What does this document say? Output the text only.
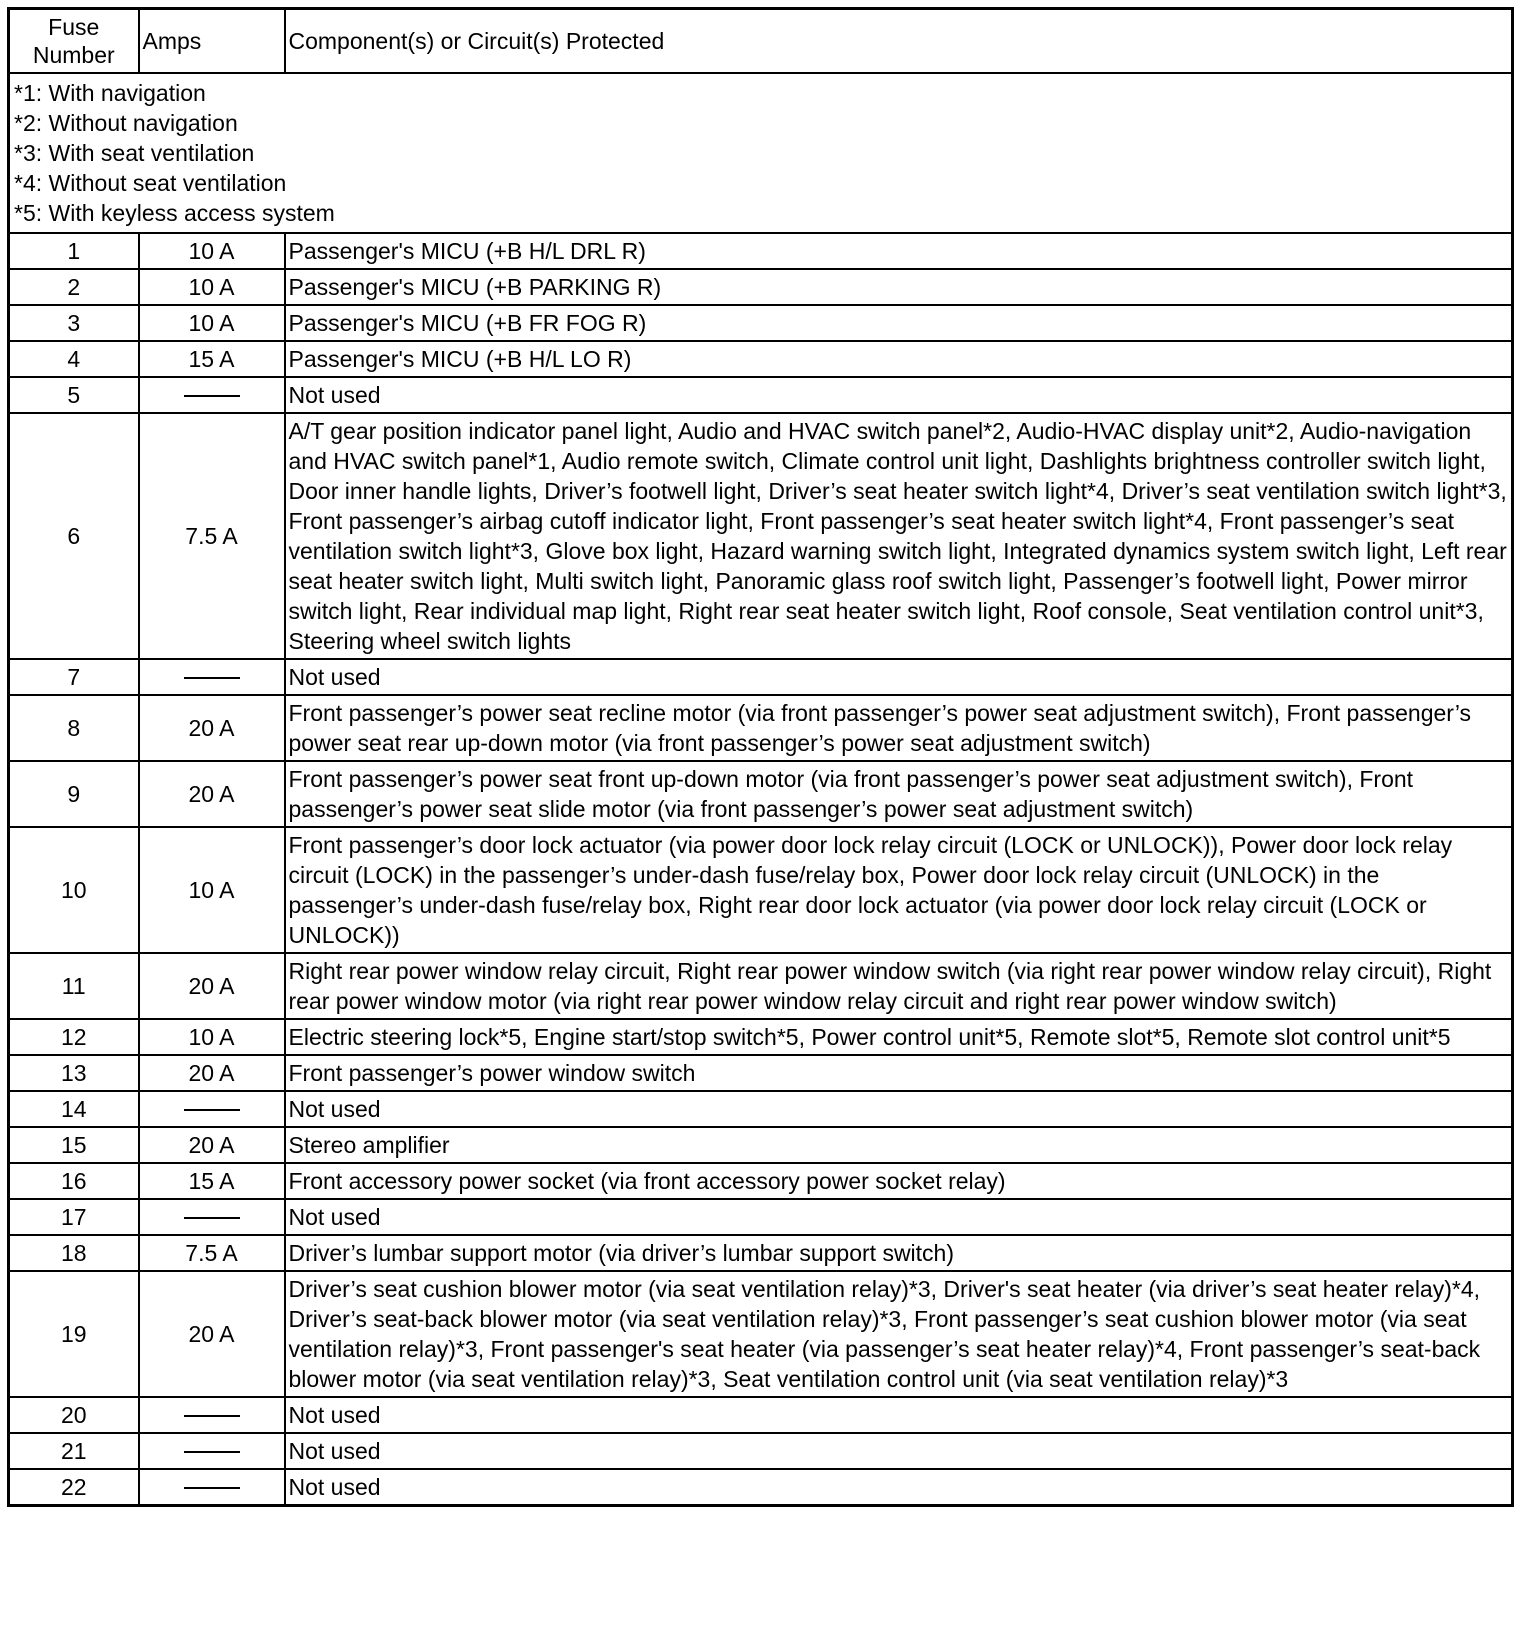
Fuse Number	Amps	Component(s) or Circuit(s) Protected

*1: With navigation
*2: Without navigation
*3: With seat ventilation
*4: Without seat ventilation
*5: With keyless access system		

1	10 A	Passenger's MICU (+B H/L DRL R)
2	10 A	Passenger's MICU (+B PARKING R)
3	10 A	Passenger's MICU (+B FR FOG R)
4	15 A	Passenger's MICU (+B H/L LO R)
5		Not used
6	7.5 A	A/T gear position indicator panel light, Audio and HVAC switch panel*2, Audio-HVAC display unit*2, Audio-navigation and HVAC switch panel*1, Audio remote switch, Climate control unit light, Dashlights brightness controller switch light, Door inner handle lights, Driver’s footwell light, Driver’s seat heater switch light*4, Driver’s seat ventilation switch light*3, Front passenger’s airbag cutoff indicator light, Front passenger’s seat heater switch light*4, Front passenger’s seat ventilation switch light*3, Glove box light, Hazard warning switch light, Integrated dynamics system switch light, Left rear seat heater switch light, Multi switch light, Panoramic glass roof switch light, Passenger’s footwell light, Power mirror switch light, Rear individual map light, Right rear seat heater switch light, Roof console, Seat ventilation control unit*3, Steering wheel switch lights
7		Not used
8	20 A	Front passenger’s power seat recline motor (via front passenger’s power seat adjustment switch), Front passenger’s power seat rear up-down motor (via front passenger’s power seat adjustment switch)
9	20 A	Front passenger’s power seat front up-down motor (via front passenger’s power seat adjustment switch), Front passenger’s power seat slide motor (via front passenger’s power seat adjustment switch)
10	10 A	Front passenger’s door lock actuator (via power door lock relay circuit (LOCK or UNLOCK)), Power door lock relay circuit (LOCK) in the passenger’s under-dash fuse/relay box, Power door lock relay circuit (UNLOCK) in the passenger’s under-dash fuse/relay box, Right rear door lock actuator (via power door lock relay circuit (LOCK or UNLOCK))
11	20 A	Right rear power window relay circuit, Right rear power window switch (via right rear power window relay circuit), Right rear power window motor (via right rear power window relay circuit and right rear power window switch)
12	10 A	Electric steering lock*5, Engine start/stop switch*5, Power control unit*5, Remote slot*5, Remote slot control unit*5
13	20 A	Front passenger’s power window switch
14		Not used
15	20 A	Stereo amplifier
16	15 A	Front accessory power socket (via front accessory power socket relay)
17		Not used
18	7.5 A	Driver’s lumbar support motor (via driver’s lumbar support switch)
19	20 A	Driver’s seat cushion blower motor (via seat ventilation relay)*3, Driver's seat heater (via driver’s seat heater relay)*4, Driver’s seat-back blower motor (via seat ventilation relay)*3, Front passenger’s seat cushion blower motor (via seat ventilation relay)*3, Front passenger's seat heater (via passenger’s seat heater relay)*4, Front passenger’s seat-back blower motor (via seat ventilation relay)*3, Seat ventilation control unit (via seat ventilation relay)*3
20		Not used
21		Not used
22		Not used
